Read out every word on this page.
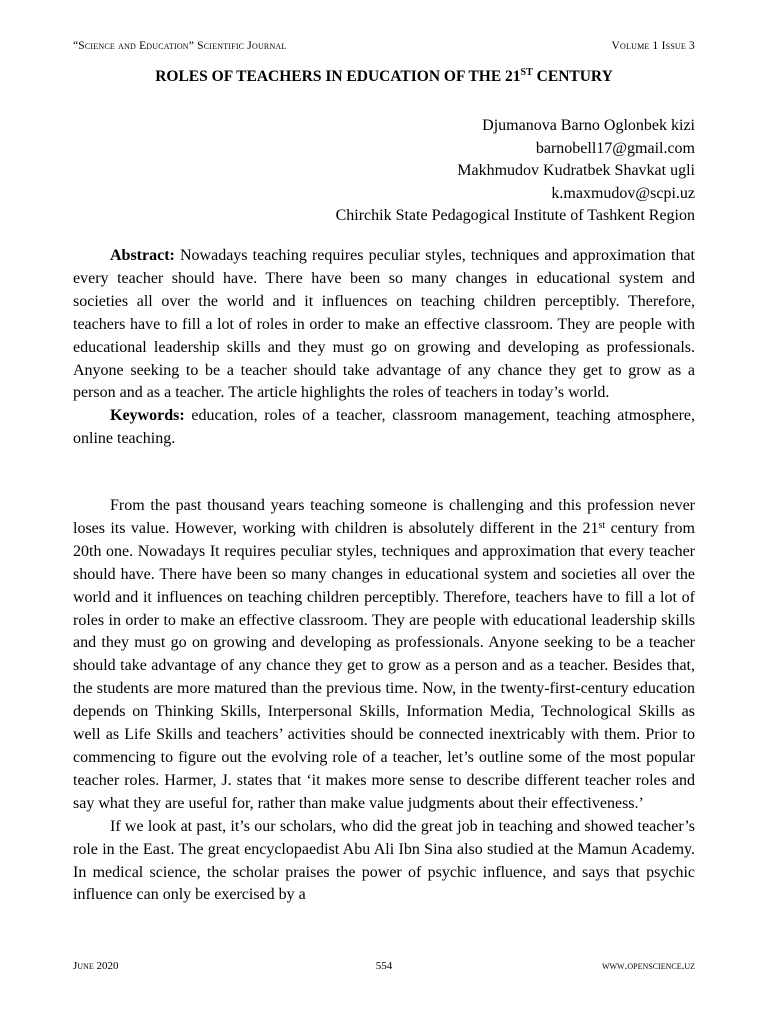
“Science and Education” Scientific Journal	Volume 1 Issue 3
ROLES OF TEACHERS IN EDUCATION OF THE 21ST CENTURY
Djumanova Barno Oglonbek kizi
barnobell17@gmail.com
Makhmudov Kudratbek Shavkat ugli
k.maxmudov@scpi.uz
Chirchik State Pedagogical Institute of Tashkent Region

Abstract: Nowadays teaching requires peculiar styles, techniques and approximation that every teacher should have. There have been so many changes in educational system and societies all over the world and it influences on teaching children perceptibly. Therefore, teachers have to fill a lot of roles in order to make an effective classroom. They are people with educational leadership skills and they must go on growing and developing as professionals. Anyone seeking to be a teacher should take advantage of any chance they get to grow as a person and as a teacher. The article highlights the roles of teachers in today’s world.

Keywords: education, roles of a teacher, classroom management, teaching atmosphere, online teaching.

From the past thousand years teaching someone is challenging and this profession never loses its value. However, working with children is absolutely different in the 21st century from 20th one. Nowadays It requires peculiar styles, techniques and approximation that every teacher should have. There have been so many changes in educational system and societies all over the world and it influences on teaching children perceptibly. Therefore, teachers have to fill a lot of roles in order to make an effective classroom. They are people with educational leadership skills and they must go on growing and developing as professionals. Anyone seeking to be a teacher should take advantage of any chance they get to grow as a person and as a teacher. Besides that, the students are more matured than the previous time. Now, in the twenty-first-century education depends on Thinking Skills, Interpersonal Skills, Information Media, Technological Skills as well as Life Skills and teachers’ activities should be connected inextricably with them. Prior to commencing to figure out the evolving role of a teacher, let’s outline some of the most popular teacher roles. Harmer, J. states that ‘it makes more sense to describe different teacher roles and say what they are useful for, rather than make value judgments about their effectiveness.’

If we look at past, it’s our scholars, who did the great job in teaching and showed teacher’s role in the East. The great encyclopaedist Abu Ali Ibn Sina also studied at the Mamun Academy. In medical science, the scholar praises the power of psychic influence, and says that psychic influence can only be exercised by a

June 2020	554	www.openscience.uz
